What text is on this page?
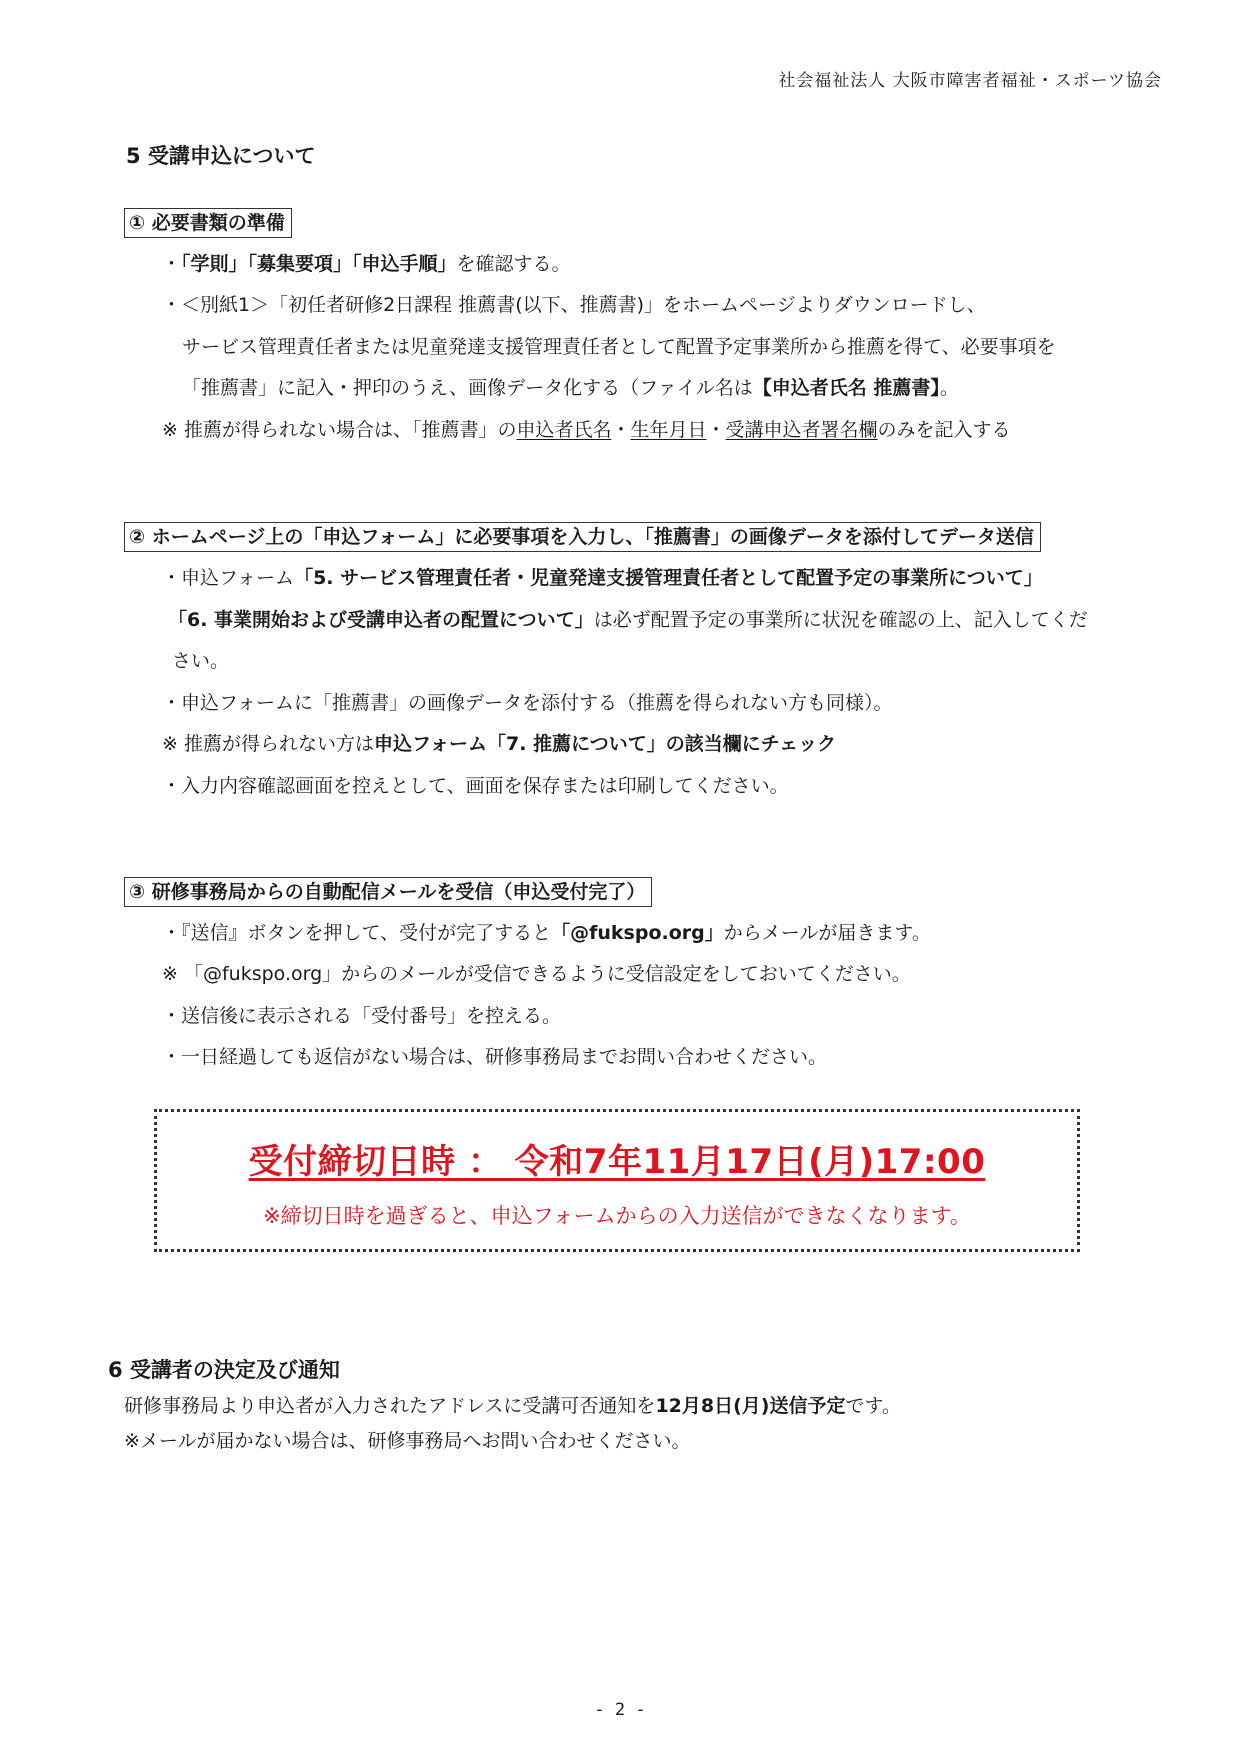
社会福祉法人 大阪市障害者福祉・スポーツ協会
5 受講申込について
① 必要書類の準備
・「学則」「募集要項」「申込手順」を確認する。
・＜別紙1＞「初任者研修2日課程 推薦書(以下、推薦書)」をホームページよりダウンロードし、
サービス管理責任者または児童発達支援管理責任者として配置予定事業所から推薦を得て、必要事項を
「推薦書」に記入・押印のうえ、画像データ化する（ファイル名は【申込者氏名 推薦書】。
※ 推薦が得られない場合は、「推薦書」の申込者氏名・生年月日・受講申込者署名欄のみを記入する
② ホームページ上の「申込フォーム」に必要事項を入力し、「推薦書」の画像データを添付してデータ送信
・申込フォーム「5. サービス管理責任者・児童発達支援管理責任者として配置予定の事業所について」
「6. 事業開始および受講申込者の配置について」は必ず配置予定の事業所に状況を確認の上、記入してくだ
さい。
・申込フォームに「推薦書」の画像データを添付する（推薦を得られない方も同様）。
※ 推薦が得られない方は申込フォーム「7. 推薦について」の該当欄にチェック
・入力内容確認画面を控えとして、画面を保存または印刷してください。
③ 研修事務局からの自動配信メールを受信（申込受付完了）
・『送信』ボタンを押して、受付が完了すると「@fukspo.org」からメールが届きます。
※ 「@fukspo.org」からのメールが受信できるように受信設定をしておいてください。
・送信後に表示される「受付番号」を控える。
・一日経過しても返信がない場合は、研修事務局までお問い合わせください。
受付締切日時 ： 令和7年11月17日(月)17:00
※締切日時を過ぎると、申込フォームからの入力送信ができなくなります。
6 受講者の決定及び通知
研修事務局より申込者が入力されたアドレスに受講可否通知を12月8日(月)送信予定です。
※メールが届かない場合は、研修事務局へお問い合わせください。
- 2 -
